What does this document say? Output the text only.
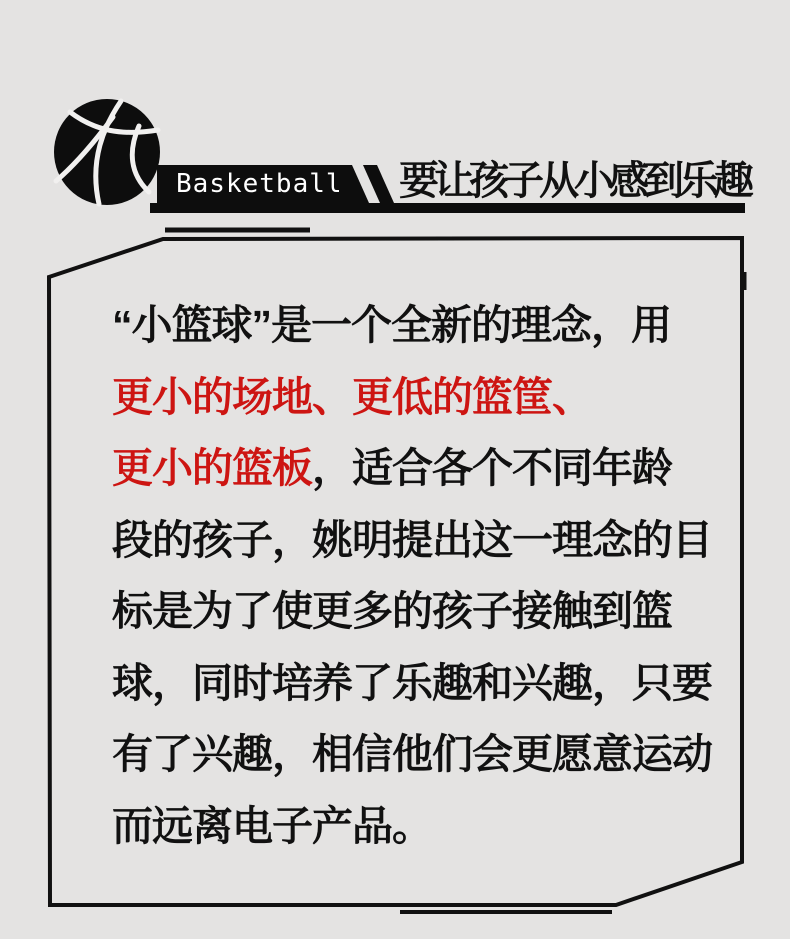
Basketball	要让孩子从小感到乐趣
“小篮球”是一个全新的理念，用
更小的场地、更低的篮筐、
更小的篮板，适合各个不同年龄
段的孩子，姚明提出这一理念的目
标是为了使更多的孩子接触到篮
球，同时培养了乐趣和兴趣，只要
有了兴趣，相信他们会更愿意运动
而远离电子产品。
